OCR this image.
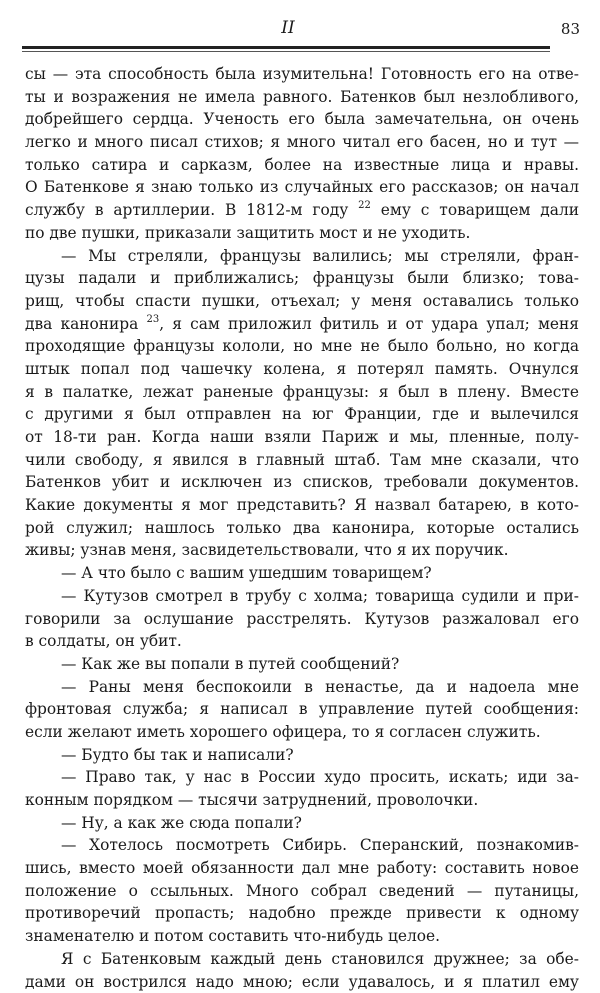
II	83
сы — эта способность была изумительна! Готовность его на отве-
ты и возражения не имела равного. Батенков был незлобливого,
добрейшего сердца. Ученость его была замечательна, он очень
легко и много писал стихов; я много читал его басен, но и тут —
только сатира и сарказм, более на известные лица и нравы.
О Батенкове я знаю только из случайных его рассказов; он начал
службу в артиллерии. В 1812-м году $^{22}$ ему с товарищем дали
по две пушки, приказали защитить мост и не уходить.
— Мы стреляли, французы валились; мы стреляли, фран-
цузы падали и приближались; французы были близко; това-
рищ, чтобы спасти пушки, отъехал; у меня оставались только
два канонира $^{23}$, я сам приложил фитиль и от удара упал; меня
проходящие французы кололи, но мне не было больно, но когда
штык попал под чашечку колена, я потерял память. Очнулся
я в палатке, лежат раненые французы: я был в плену. Вместе
с другими я был отправлен на юг Франции, где и вылечился
от 18-ти ран. Когда наши взяли Париж и мы, пленные, полу-
чили свободу, я явился в главный штаб. Там мне сказали, что
Батенков убит и исключен из списков, требовали документов.
Какие документы я мог представить? Я назвал батарею, в кото-
рой служил; нашлось только два канонира, которые остались
живы; узнав меня, засвидетельствовали, что я их поручик.
— А что было с вашим ушедшим товарищем?
— Кутузов смотрел в трубу с холма; товарища судили и при-
говорили за ослушание расстрелять. Кутузов разжаловал его
в солдаты, он убит.
— Как же вы попали в путей сообщений?
— Раны меня беспокоили в ненастье, да и надоела мне
фронтовая служба; я написал в управление путей сообщения:
если желают иметь хорошего офицера, то я согласен служить.
— Будто бы так и написали?
— Право так, у нас в России худо просить, искать; иди за-
конным порядком — тысячи затруднений, проволочки.
— Ну, а как же сюда попали?
— Хотелось посмотреть Сибирь. Сперанский, познакомив-
шись, вместо моей обязанности дал мне работу: составить новое
положение о ссыльных. Много собрал сведений — путаницы,
противоречий пропасть; надобно прежде привести к одному
знаменателю и потом составить что-нибудь целое.
Я с Батенковым каждый день становился дружнее; за обе-
дами он вострился надо мною; если удавалось, и я платил ему
